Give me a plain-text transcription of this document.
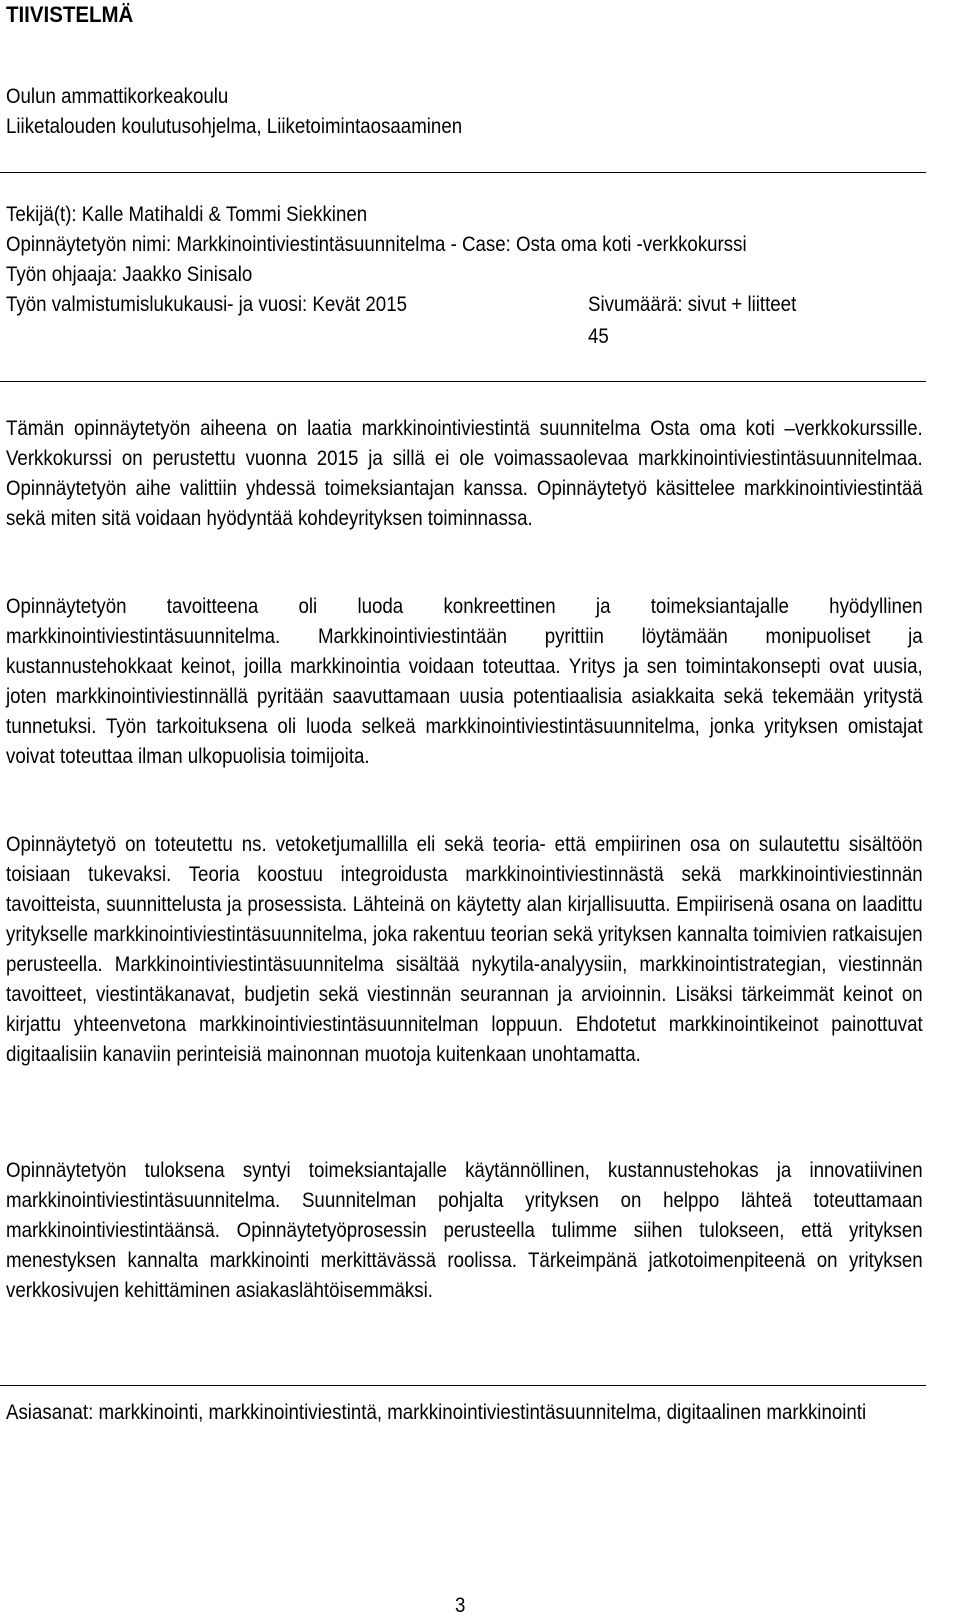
TIIVISTELMÄ
Oulun ammattikorkeakoulu
Liiketalouden koulutusohjelma, Liiketoimintaosaaminen
Tekijä(t): Kalle Matihaldi & Tommi Siekkinen
Opinnäytetyön nimi: Markkinointiviestintäsuunnitelma - Case: Osta oma koti -verkkokurssi
Työn ohjaaja: Jaakko Sinisalo
Työn valmistumislukukausi- ja vuosi: Kevät 2015	Sivumäärä: sivut + liitteet
45
Tämän opinnäytetyön aiheena on laatia markkinointiviestintä suunnitelma Osta oma koti –verkkokurssille. Verkkokurssi on perustettu vuonna 2015 ja sillä ei ole voimassaolevaa markkinointiviestintäsuunnitelmaa. Opinnäytetyön aihe valittiin yhdessä toimeksiantajan kanssa. Opinnäytetyö käsittelee markkinointiviestintää sekä miten sitä voidaan hyödyntää kohdeyrityksen toiminnassa.
Opinnäytetyön tavoitteena oli luoda konkreettinen ja toimeksiantajalle hyödyllinen markkinointiviestintäsuunnitelma. Markkinointiviestintään pyrittiin löytämään monipuoliset ja kustannustehokkaat keinot, joilla markkinointia voidaan toteuttaa. Yritys ja sen toimintakonsepti ovat uusia, joten markkinointiviestinnällä pyritään saavuttamaan uusia potentiaalisia asiakkaita sekä tekemään yritystä tunnetuksi. Työn tarkoituksena oli luoda selkeä markkinointiviestintäsuunnitelma, jonka yrityksen omistajat voivat toteuttaa ilman ulkopuolisia toimijoita.
Opinnäytetyö on toteutettu ns. vetoketjumallilla eli sekä teoria- että empiirinen osa on sulautettu sisältöön toisiaan tukevaksi. Teoria koostuu integroidusta markkinointiviestinnästä sekä markkinointiviestinnän tavoitteista, suunnittelusta ja prosessista. Lähteinä on käytetty alan kirjallisuutta. Empiirisenä osana on laadittu yritykselle markkinointiviestintäsuunnitelma, joka rakentuu teorian sekä yrityksen kannalta toimivien ratkaisujen perusteella. Markkinointiviestintäsuunnitelma sisältää nykytila-analyysiin, markkinointistrategian, viestinnän tavoitteet, viestintäkanavat, budjetin sekä viestinnän seurannan ja arvioinnin. Lisäksi tärkeimmät keinot on kirjattu yhteenvetona markkinointiviestintäsuunnitelman loppuun. Ehdotetut markkinointikeinot painottuvat digitaalisiin kanaviin perinteisiä mainonnan muotoja kuitenkaan unohtamatta.
Opinnäytetyön tuloksena syntyi toimeksiantajalle käytännöllinen, kustannustehokas ja innovatiivinen markkinointiviestintäsuunnitelma. Suunnitelman pohjalta yrityksen on helppo lähteä toteuttamaan markkinointiviestintäänsä. Opinnäytetyöprosessin perusteella tulimme siihen tulokseen, että yrityksen menestyksen kannalta markkinointi merkittävässä roolissa. Tärkeimpänä jatkotoimenpiteenä on yrityksen verkkosivujen kehittäminen asiakaslähtöisemmäksi.
Asiasanat: markkinointi, markkinointiviestintä, markkinointiviestintäsuunnitelma, digitaalinen markkinointi
3
